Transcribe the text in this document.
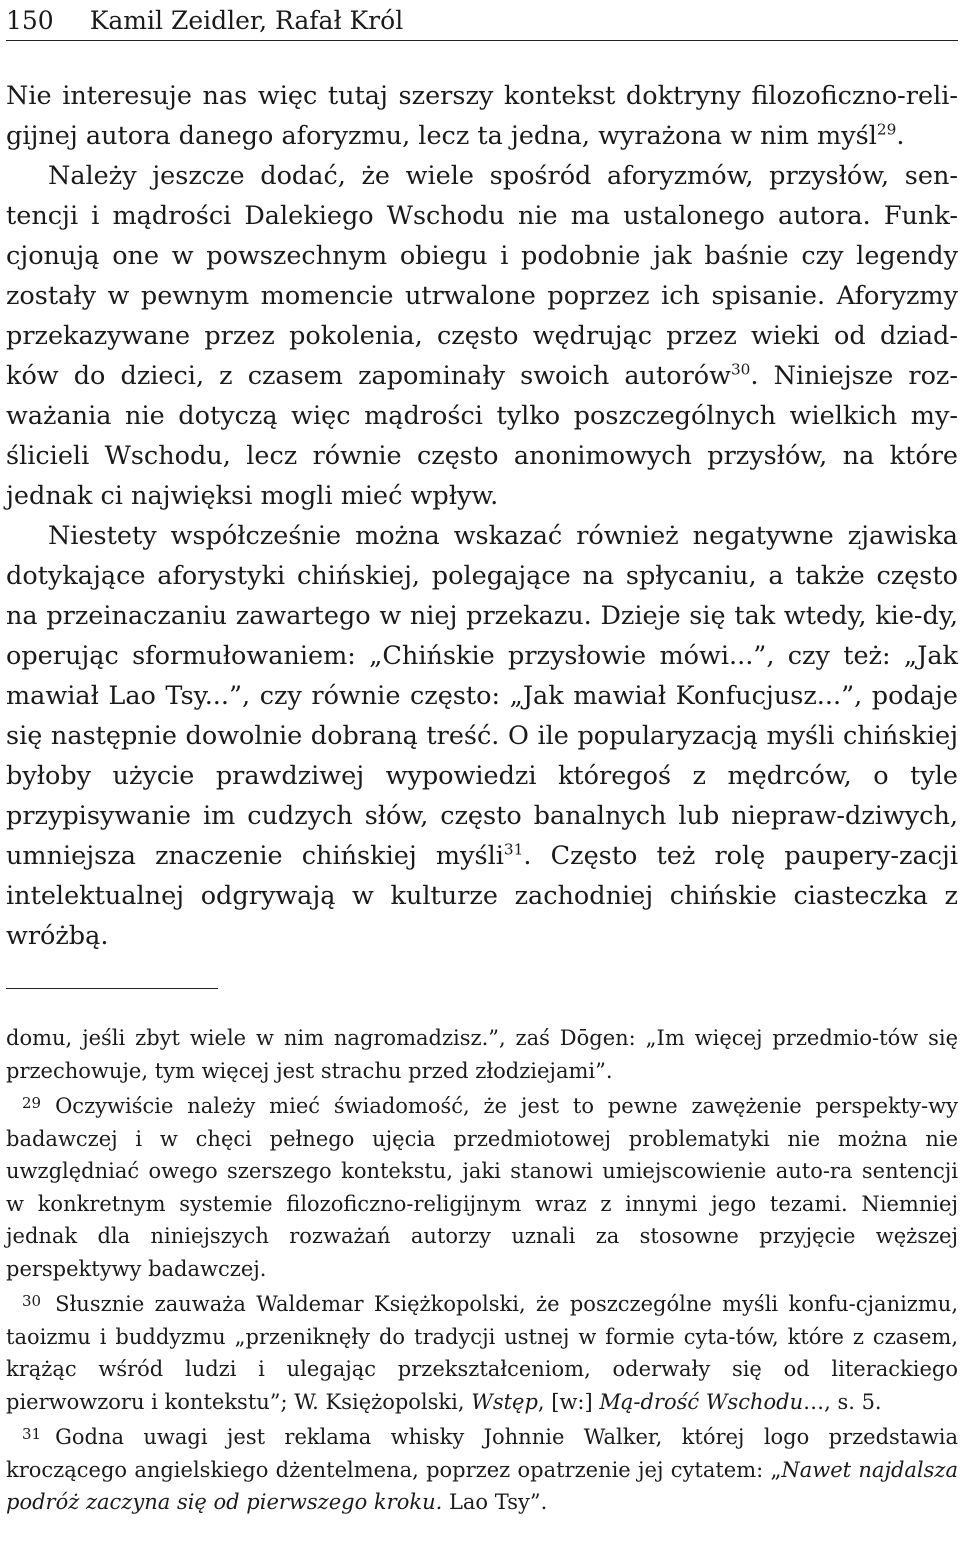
150 Kamil Zeidler, Rafał Król

Nie interesuje nas więc tutaj szerszy kontekst doktryny filozoficzno-reli-gijnej autora danego aforyzmu, lecz ta jedna, wyrażona w nim myśl$^{29}$.

Należy jeszcze dodać, że wiele spośród aforyzmów, przysłów, sen-tencji i mądrości Dalekiego Wschodu nie ma ustalonego autora. Funk-cjonują one w powszechnym obiegu i podobnie jak baśnie czy legendy zostały w pewnym momencie utrwalone poprzez ich spisanie. Aforyzmy przekazywane przez pokolenia, często wędrując przez wieki od dziad-ków do dzieci, z czasem zapominały swoich autorów$^{30}$. Niniejsze roz-ważania nie dotyczą więc mądrości tylko poszczególnych wielkich my-ślicieli Wschodu, lecz równie często anonimowych przysłów, na które jednak ci najwięksi mogli mieć wpływ.

Niestety współcześnie można wskazać również negatywne zjawiska dotykające aforystyki chińskiej, polegające na spłycaniu, a także często na przeinaczaniu zawartego w niej przekazu. Dzieje się tak wtedy, kie-dy, operując sformułowaniem: „Chińskie przysłowie mówi...”, czy też: „Jak mawiał Lao Tsy...”, czy równie często: „Jak mawiał Konfucjusz...”, podaje się następnie dowolnie dobraną treść. O ile popularyzacją myśli chińskiej byłoby użycie prawdziwej wypowiedzi któregoś z mędrców, o tyle przypisywanie im cudzych słów, często banalnych lub niepraw-dziwych, umniejsza znaczenie chińskiej myśli$^{31}$. Często też rolę paupery-zacji intelektualnej odgrywają w kulturze zachodniej chińskie ciasteczka z wróżbą.

domu, jeśli zbyt wiele w nim nagromadzisz.”, zaś Dōgen: „Im więcej przedmio-tów się przechowuje, tym więcej jest strachu przed złodziejami”.

$^{29}$ Oczywiście należy mieć świadomość, że jest to pewne zawężenie perspekty-wy badawczej i w chęci pełnego ujęcia przedmiotowej problematyki nie można nie uwzględniać owego szerszego kontekstu, jaki stanowi umiejscowienie auto-ra sentencji w konkretnym systemie filozoficzno-religijnym wraz z innymi jego tezami. Niemniej jednak dla niniejszych rozważań autorzy uznali za stosowne przyjęcie węższej perspektywy badawczej.

$^{30}$ Słusznie zauważa Waldemar Księżkopolski, że poszczególne myśli konfu-cjanizmu, taoizmu i buddyzmu „przeniknęły do tradycji ustnej w formie cyta-tów, które z czasem, krążąc wśród ludzi i ulegając przekształceniom, oderwały się od literackiego pierwowzoru i kontekstu”; W. Księżopolski, Wstęp, [w:] Mą-drość Wschodu…, s. 5.

$^{31}$ Godna uwagi jest reklama whisky Johnnie Walker, której logo przedstawia kroczącego angielskiego dżentelmena, poprzez opatrzenie jej cytatem: „Nawet najdalsza podróż zaczyna się od pierwszego kroku. Lao Tsy”.
